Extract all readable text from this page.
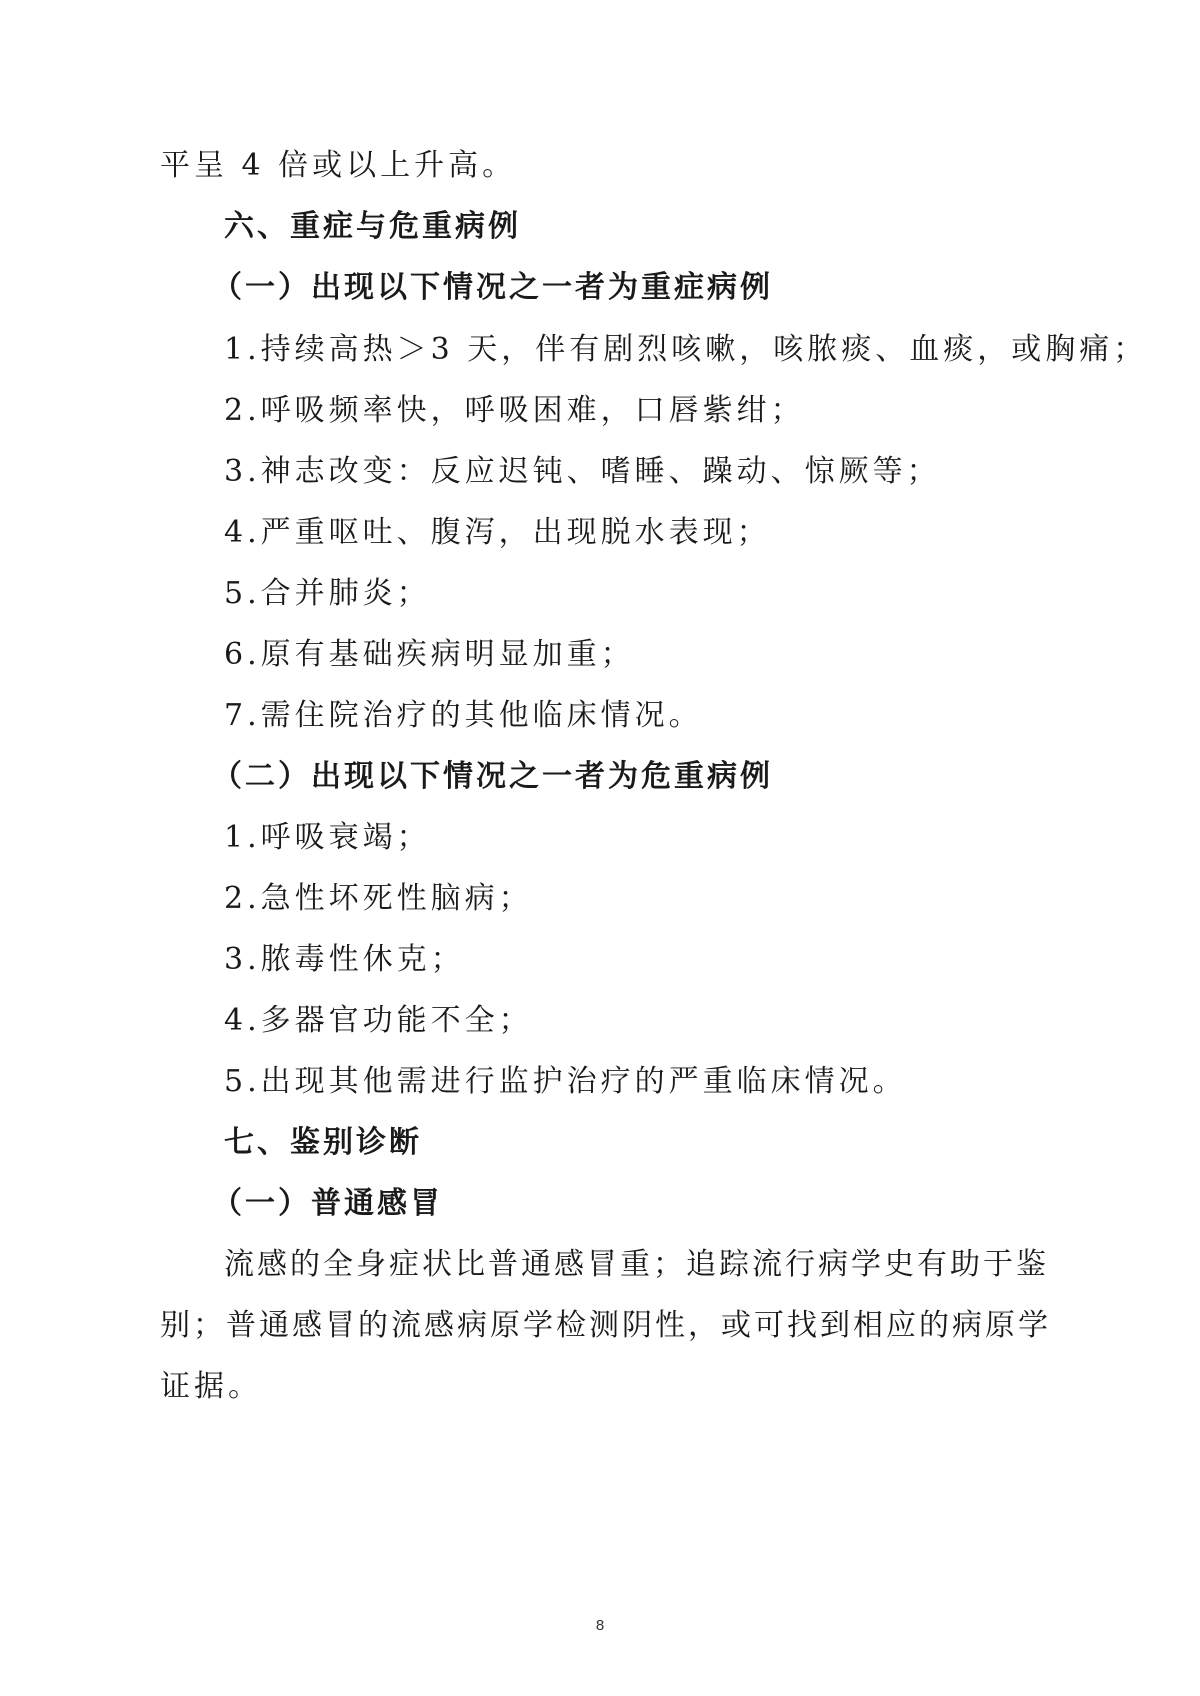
平呈 4 倍或以上升高。
六、重症与危重病例
（一）出现以下情况之一者为重症病例
1.持续高热＞3 天，伴有剧烈咳嗽，咳脓痰、血痰，或胸痛；
2.呼吸频率快，呼吸困难，口唇紫绀；
3.神志改变：反应迟钝、嗜睡、躁动、惊厥等；
4.严重呕吐、腹泻，出现脱水表现；
5.合并肺炎；
6.原有基础疾病明显加重；
7.需住院治疗的其他临床情况。
（二）出现以下情况之一者为危重病例
1.呼吸衰竭；
2.急性坏死性脑病；
3.脓毒性休克；
4.多器官功能不全；
5.出现其他需进行监护治疗的严重临床情况。
七、鉴别诊断
（一）普通感冒
流感的全身症状比普通感冒重；追踪流行病学史有助于鉴
别；普通感冒的流感病原学检测阴性，或可找到相应的病原学
证据。
8
